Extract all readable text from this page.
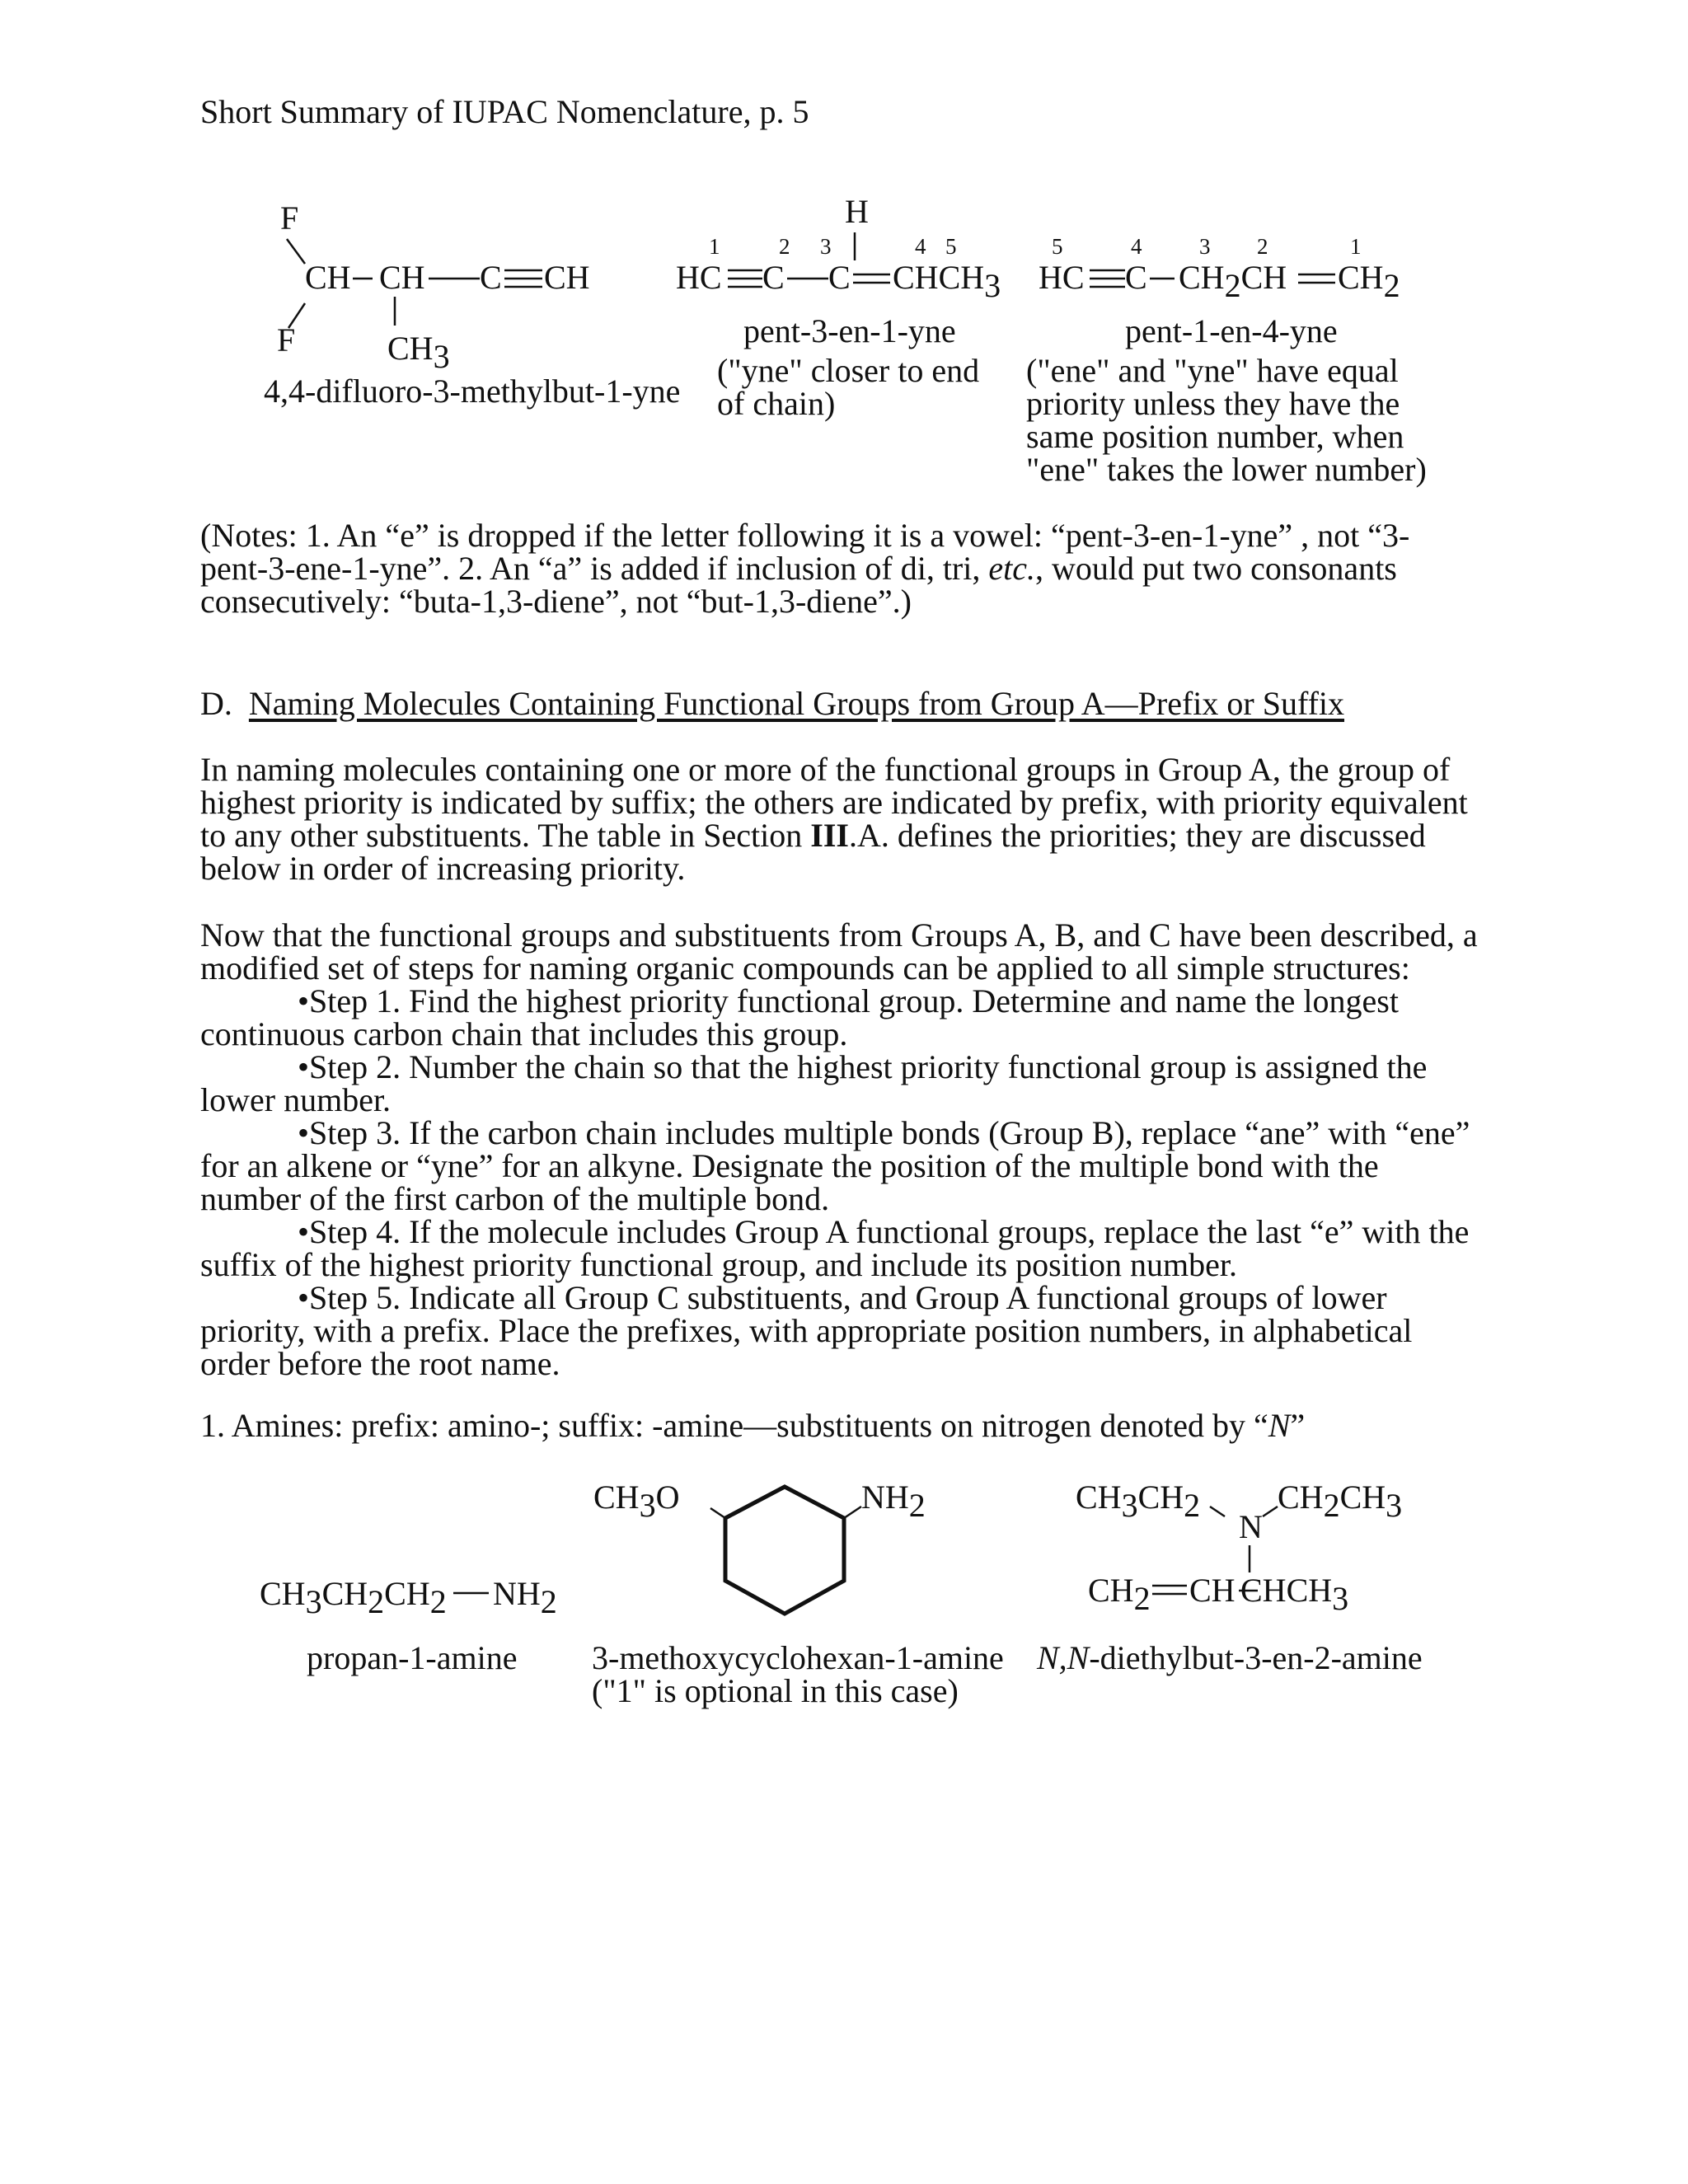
Short Summary of IUPAC Nomenclature, p. 5
F
CH CH C CH
F	CH3
4,4-difluoro-3-methylbut-1-yne
H
1	2 3	4 5
HC C C CHCH3
pent-3-en-1-yne
("yne" closer to end
of chain)
5	4	3 2	1
HC C CH2CH CH2
pent-1-en-4-yne
("ene" and "yne" have equal
priority unless they have the
same position number, when
"ene" takes the lower number)
(Notes: 1. An “e” is dropped if the letter following it is a vowel: “pent-3-en-1-yne” , not “3-
pent-3-ene-1-yne”. 2. An “a” is added if inclusion of di, tri, etc., would put two consonants
consecutively: “buta-1,3-diene”, not “but-1,3-diene”.)
D. Naming Molecules Containing Functional Groups from Group A—Prefix or Suffix
In naming molecules containing one or more of the functional groups in Group A, the group of
highest priority is indicated by suffix; the others are indicated by prefix, with priority equivalent
to any other substituents. The table in Section III.A. defines the priorities; they are discussed
below in order of increasing priority.
Now that the functional groups and substituents from Groups A, B, and C have been described, a
modified set of steps for naming organic compounds can be applied to all simple structures:
•Step 1. Find the highest priority functional group. Determine and name the longest
continuous carbon chain that includes this group.
•Step 2. Number the chain so that the highest priority functional group is assigned the
lower number.
•Step 3. If the carbon chain includes multiple bonds (Group B), replace “ane” with “ene”
for an alkene or “yne” for an alkyne. Designate the position of the multiple bond with the
number of the first carbon of the multiple bond.
•Step 4. If the molecule includes Group A functional groups, replace the last “e” with the
suffix of the highest priority functional group, and include its position number.
•Step 5. Indicate all Group C substituents, and Group A functional groups of lower
priority, with a prefix. Place the prefixes, with appropriate position numbers, in alphabetical
order before the root name.
1. Amines: prefix: amino-; suffix: -amine—substituents on nitrogen denoted by “N”
CH3CH2CH2 NH2
propan-1-amine
CH3O	NH2
3-methoxycyclohexan-1-amine
("1" is optional in this case)
CH3CH2
N
CH2CH3
CH2 CH CHCH3
N,N-diethylbut-3-en-2-amine
